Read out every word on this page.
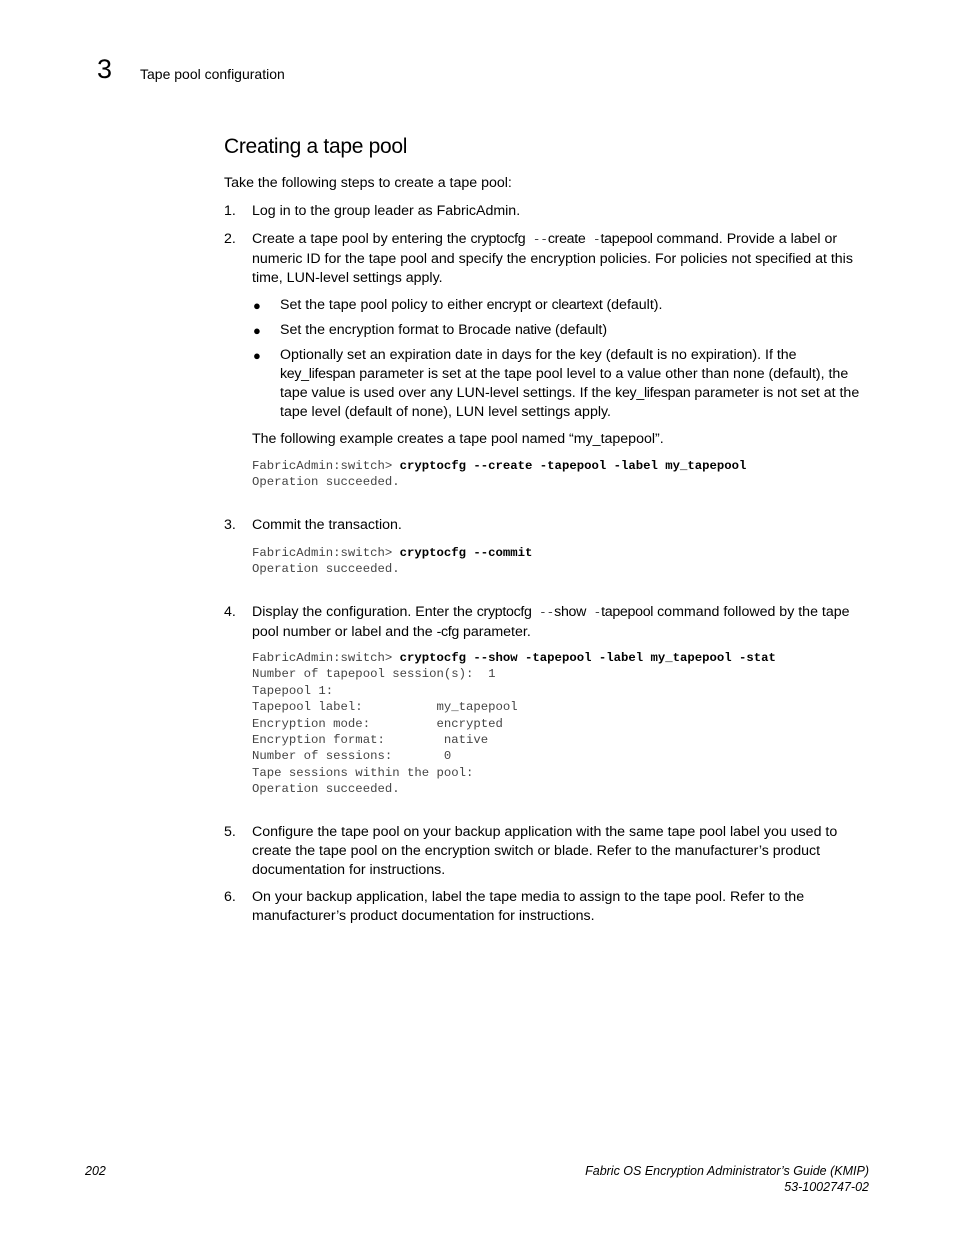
3 Tape pool configuration
Creating a tape pool
Take the following steps to create a tape pool:
1. Log in to the group leader as FabricAdmin.
2. Create a tape pool by entering the cryptocfg --create -tapepool command. Provide a label or numeric ID for the tape pool and specify the encryption policies. For policies not specified at this time, LUN-level settings apply.
● Set the tape pool policy to either encrypt or cleartext (default).
● Set the encryption format to Brocade native (default)
● Optionally set an expiration date in days for the key (default is no expiration). If the key_lifespan parameter is set at the tape pool level to a value other than none (default), the tape value is used over any LUN-level settings. If the key_lifespan parameter is not set at the tape level (default of none), LUN level settings apply.
The following example creates a tape pool named “my_tapepool”.
FabricAdmin:switch> cryptocfg --create -tapepool -label my_tapepool
Operation succeeded.
3. Commit the transaction.
FabricAdmin:switch> cryptocfg --commit
Operation succeeded.
4. Display the configuration. Enter the cryptocfg --show -tapepool command followed by the tape pool number or label and the -cfg parameter.
FabricAdmin:switch> cryptocfg --show -tapepool -label my_tapepool -stat
Number of tapepool session(s):  1
Tapepool 1:
Tapepool label:          my_tapepool
Encryption mode:         encrypted
Encryption format:        native
Number of sessions:       0
Tape sessions within the pool:
Operation succeeded.
5. Configure the tape pool on your backup application with the same tape pool label you used to create the tape pool on the encryption switch or blade. Refer to the manufacturer’s product documentation for instructions.
6. On your backup application, label the tape media to assign to the tape pool. Refer to the manufacturer’s product documentation for instructions.
202	Fabric OS Encryption Administrator’s Guide (KMIP)
53-1002747-02
